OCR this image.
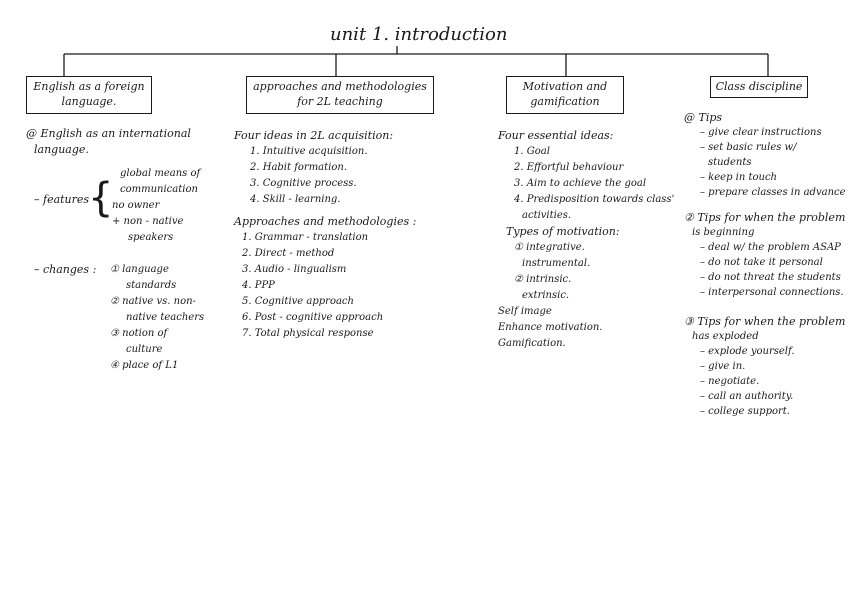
unit 1. introduction
English as a foreign
language.
@ English as an international
language.
– features
{
global means of
communication
no owner
+ non - native
speakers
– changes : ① language
standards
② native vs. non-
native teachers
③ notion of
culture
④ place of L1
approaches and methodologies
for 2L teaching
Four ideas in 2L acquisition:
1. Intuitive acquisition.
2. Habit formation.
3. Cognitive process.
4. Skill - learning.
Approaches and methodologies :
1. Grammar - translation
2. Direct - method
3. Audio - lingualism
4. PPP
5. Cognitive approach
6. Post - cognitive approach
7. Total physical response
Motivation and
gamification
Four essential ideas:
1. Goal
2. Effortful behaviour
3. Aim to achieve the goal
4. Predisposition towards class'
activities.
Types of motivation:
① integrative.
instrumental.
② intrinsic.
extrinsic.
Self image
Enhance motivation.
Gamification.
Class discipline
@ Tips
– give clear instructions
– set basic rules w/
students
– keep in touch
– prepare classes in advance
② Tips for when the problem
is beginning
– deal w/ the problem ASAP
– do not take it personal
– do not threat the students
– interpersonal connections.
③ Tips for when the problem
has exploded
– explode yourself.
– give in.
– negotiate.
– call an authority.
– college support.
